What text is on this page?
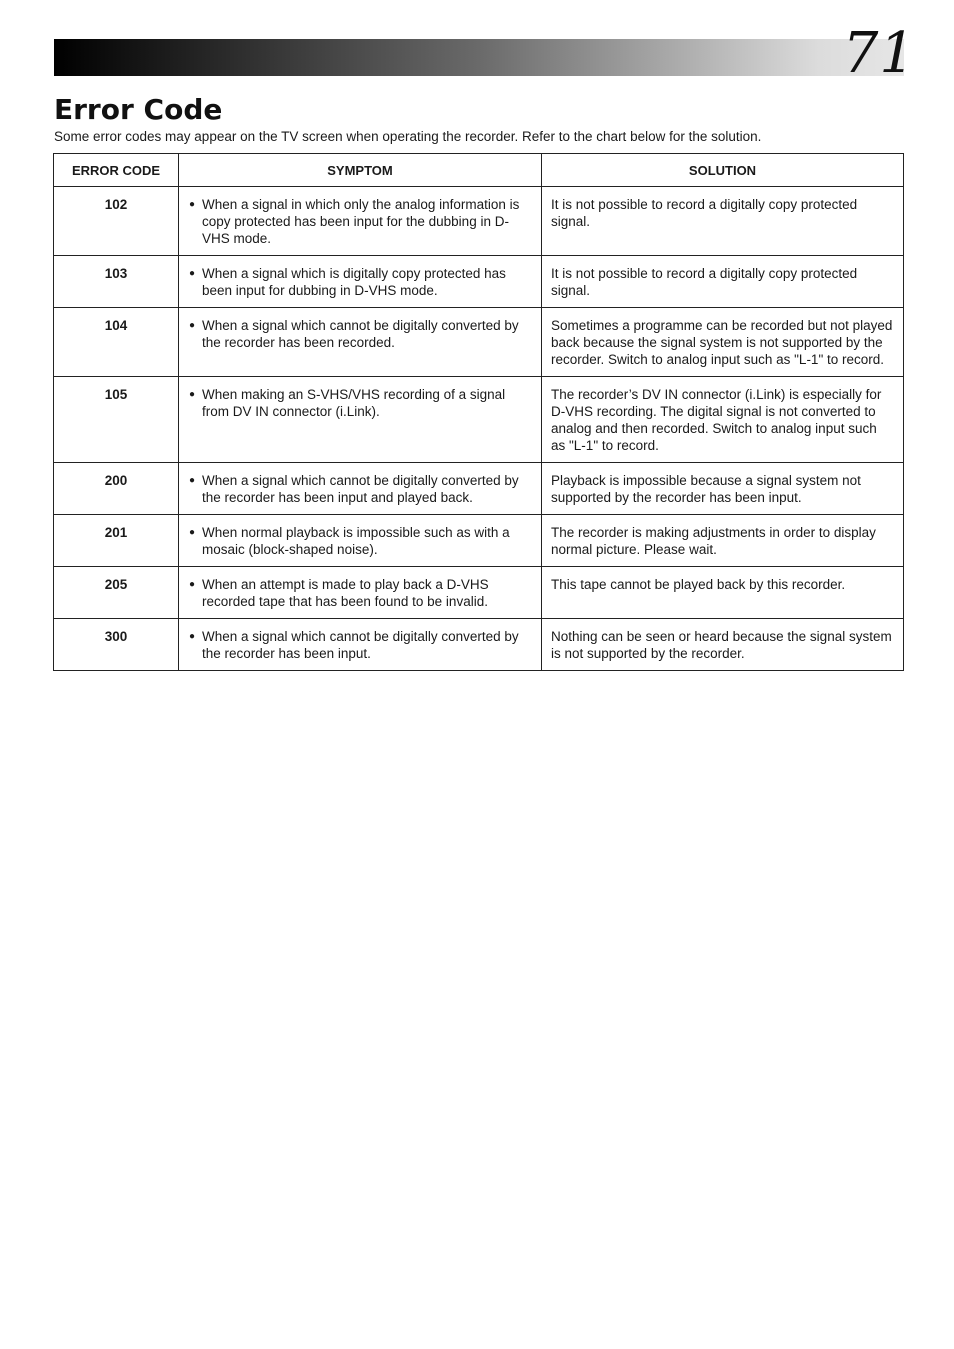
71
Error Code

Some error codes may appear on the TV screen when operating the recorder. Refer to the chart below for the solution.

ERROR CODE	SYMPTOM	SOLUTION
102	● When a signal in which only the analog information is copy protected has been input for the dubbing in D-VHS mode.	It is not possible to record a digitally copy protected signal.
103	● When a signal which is digitally copy protected has been input for dubbing in D-VHS mode.	It is not possible to record a digitally copy protected signal.
104	● When a signal which cannot be digitally converted by the recorder has been recorded.	Sometimes a programme can be recorded but not played back because the signal system is not supported by the recorder. Switch to analog input such as "L-1" to record.
105	● When making an S-VHS/VHS recording of a signal from DV IN connector (i.Link).	The recorder’s DV IN connector (i.Link) is especially for D-VHS recording. The digital signal is not converted to analog and then recorded. Switch to analog input such as "L-1" to record.
200	● When a signal which cannot be digitally converted by the recorder has been input and played back.	Playback is impossible because a signal system not supported by the recorder has been input.
201	● When normal playback is impossible such as with a mosaic (block-shaped noise).	The recorder is making adjustments in order to display normal picture. Please wait.
205	● When an attempt is made to play back a D-VHS recorded tape that has been found to be invalid.	This tape cannot be played back by this recorder.
300	● When a signal which cannot be digitally converted by the recorder has been input.	Nothing can be seen or heard because the signal system is not supported by the recorder.
